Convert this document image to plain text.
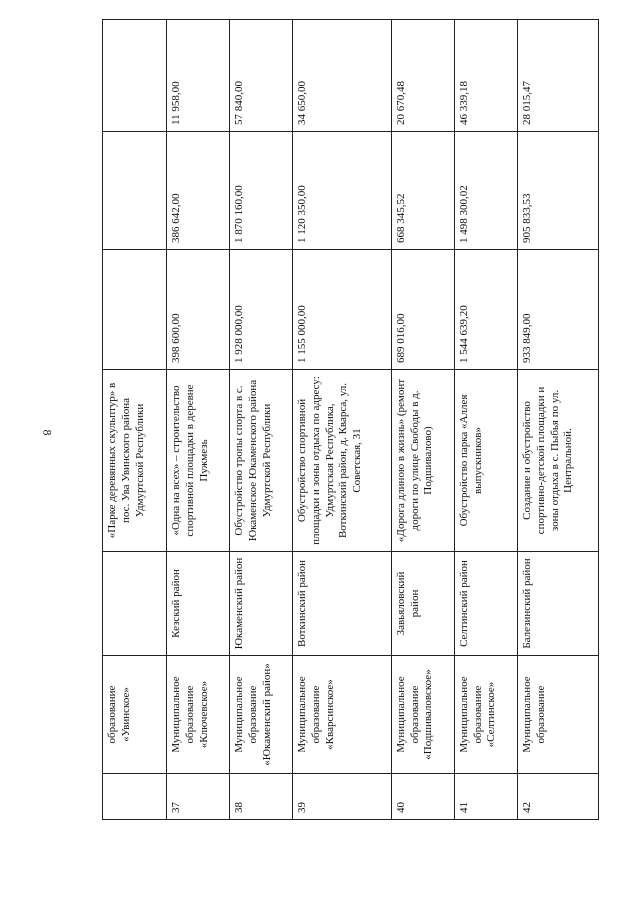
8
	образование «Увинское»		«Парке деревянных скульптур» в пос. Ува Увинского района Удмуртской Республики			
37	Муниципальное образование «Ключевское»	Кезский район	«Одна на всех» – строительство спортивной площадки в деревне Пужмезь	398 600,00	386 642,00	11 958,00
38	Муниципальное образование «Юкаменский район»	Юкаменский район	Обустройство тропы спорта в с. Юкаменское Юкаменского района Удмуртской Республики	1 928 000,00	1 870 160,00	57 840,00
39	Муниципальное образование «Кварсинское»	Воткинский район	Обустройство спортивной площадки и зоны отдыха по адресу: Удмуртская Республика, Воткинский район, д. Кварса, ул. Советская, 31	1 155 000,00	1 120 350,00	34 650,00
40	Муниципальное образование «Подшиваловское»	Завьяловский район	«Дорога длиною в жизнь» (ремонт дороги по улице Свободы в д. Подшивалово)	689 016,00	668 345,52	20 670,48
41	Муниципальное образование «Селтинское»	Селтинский район	Обустройство парка «Аллея выпускников»	1 544 639,20	1 498 300,02	46 339,18
42	Муниципальное образование	Балезинский район	Создание и обустройство спортивно-детской площадки и зоны отдыха в с. Пыбья по ул. Центральной.	933 849,00	905 833,53	28 015,47
